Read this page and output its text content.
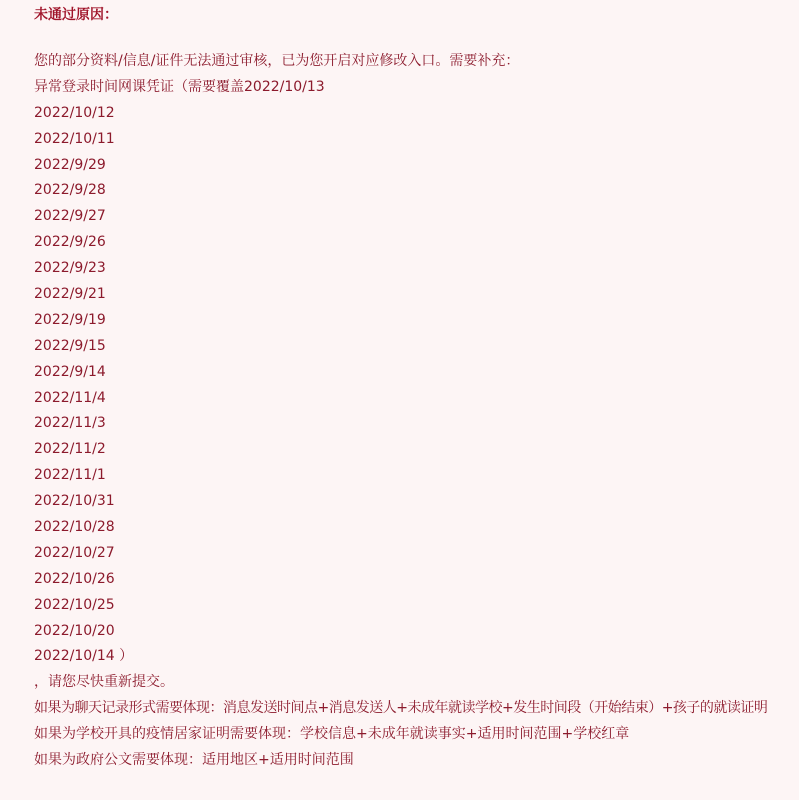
未通过原因：
您的部分资料/信息/证件无法通过审核，已为您开启对应修改入口。需要补充：
异常登录时间网课凭证（需要覆盖2022/10/13
2022/10/12
2022/10/11
2022/9/29
2022/9/28
2022/9/27
2022/9/26
2022/9/23
2022/9/21
2022/9/19
2022/9/15
2022/9/14
2022/11/4
2022/11/3
2022/11/2
2022/11/1
2022/10/31
2022/10/28
2022/10/27
2022/10/26
2022/10/25
2022/10/20
2022/10/14 ）
，请您尽快重新提交。
如果为聊天记录形式需要体现：消息发送时间点+消息发送人+未成年就读学校+发生时间段（开始结束）+孩子的就读证明
如果为学校开具的疫情居家证明需要体现：学校信息+未成年就读事实+适用时间范围+学校红章
如果为政府公文需要体现：适用地区+适用时间范围
